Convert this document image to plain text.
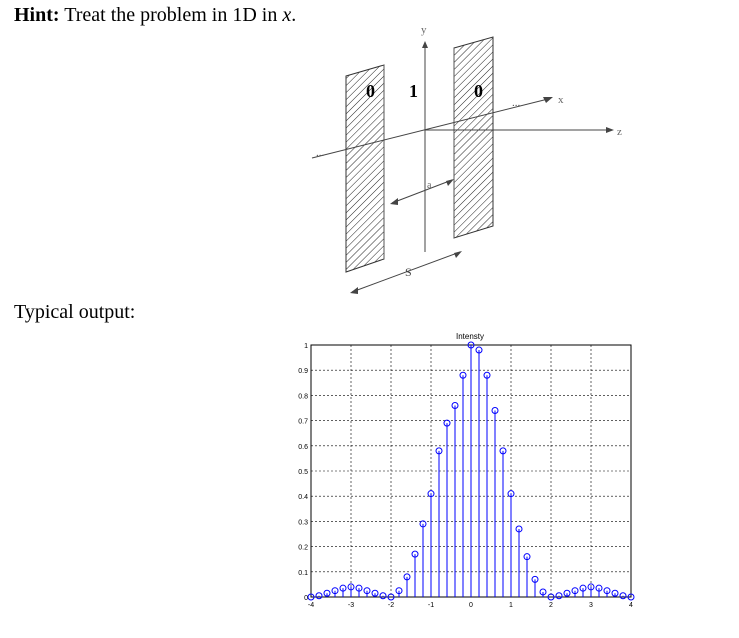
Hint: Treat the problem in 1D in x.
Typical output:
y
z
x
...
...
0 1	0
a
S
Intensty
-4	-3	-2	-1	0	1	2	3	4
0
0.1
0.2
0.3
0.4
0.5
0.6
0.7
0.8
0.9
1
